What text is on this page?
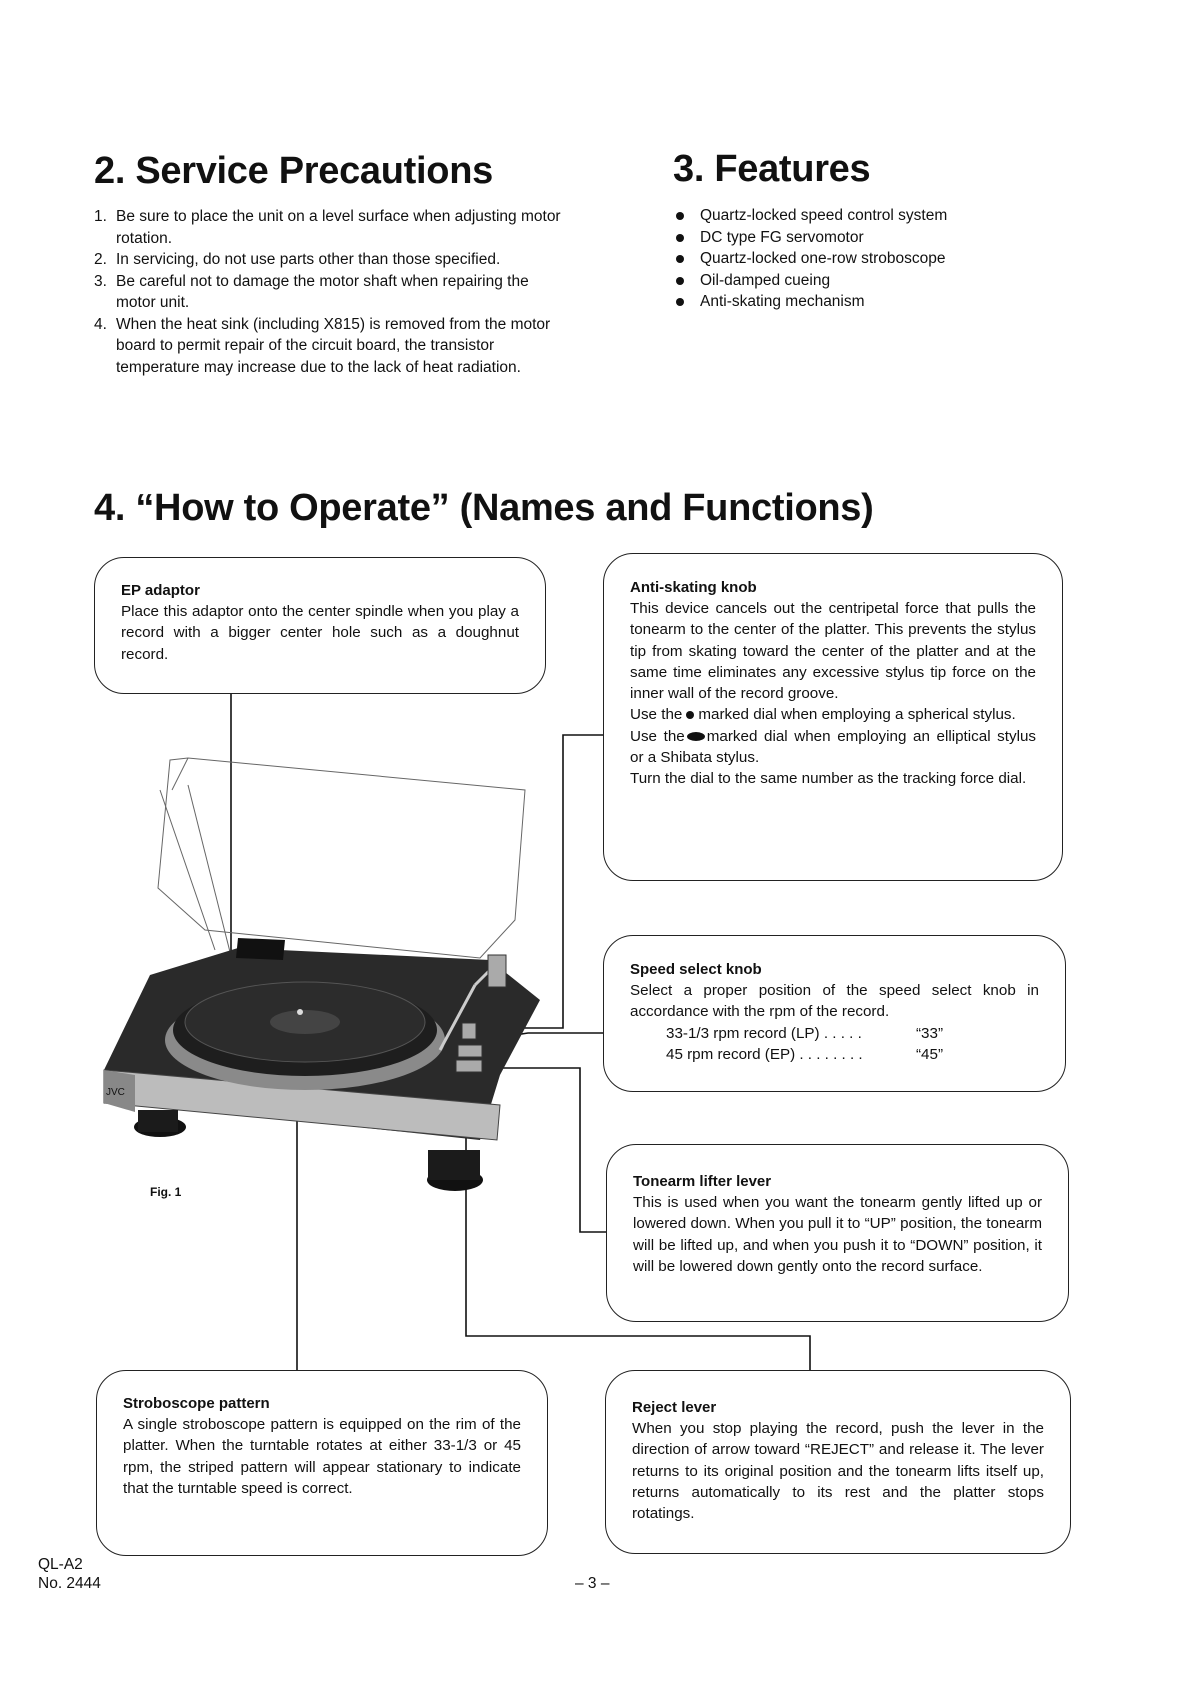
2. Service Precautions
1. Be sure to place the unit on a level surface when adjusting motor rotation.
2. In servicing, do not use parts other than those specified.
3. Be careful not to damage the motor shaft when repairing the motor unit.
4. When the heat sink (including X815) is removed from the motor board to permit repair of the circuit board, the transistor temperature may increase due to the lack of heat radiation.
3. Features
Quartz-locked speed control system
DC type FG servomotor
Quartz-locked one-row stroboscope
Oil-damped cueing
Anti-skating mechanism
4. “How to Operate” (Names and Functions)
JVC
Fig. 1
EP adaptor
Place this adaptor onto the center spindle when you play a record with a bigger center hole such as a doughnut record.
Anti-skating knob

This device cancels out the centripetal force that pulls the tonearm to the center of the platter. This prevents the stylus tip from skating toward the center of the platter and at the same time eliminates any excessive stylus tip force on the inner wall of the record groove.

Use the marked dial when employing a spherical stylus.

Use the marked dial when employing an elliptical stylus or a Shibata stylus.

Turn the dial to the same number as the tracking force dial.

Speed select knob

Select a proper position of the speed select knob in accordance with the rpm of the record.

33-1/3 rpm record (LP) . . . . .	“33”
45 rpm record (EP) . . . . . . . .	“45”
Tonearm lifter lever
This is used when you want the tonearm gently lifted up or lowered down. When you pull it to “UP” position, the tonearm will be lifted up, and when you push it to “DOWN” position, it will be lowered down gently onto the record surface.
Stroboscope pattern
A single stroboscope pattern is equipped on the rim of the platter. When the turntable rotates at either 33-1/3 or 45 rpm, the striped pattern will appear stationary to indicate that the turntable speed is correct.
Reject lever
When you stop playing the record, push the lever in the direction of arrow toward “REJECT” and release it. The lever returns to its original position and the tonearm lifts itself up, returns automatically to its rest and the platter stops rotatings.
QL-A2
No. 2444	– 3 –
